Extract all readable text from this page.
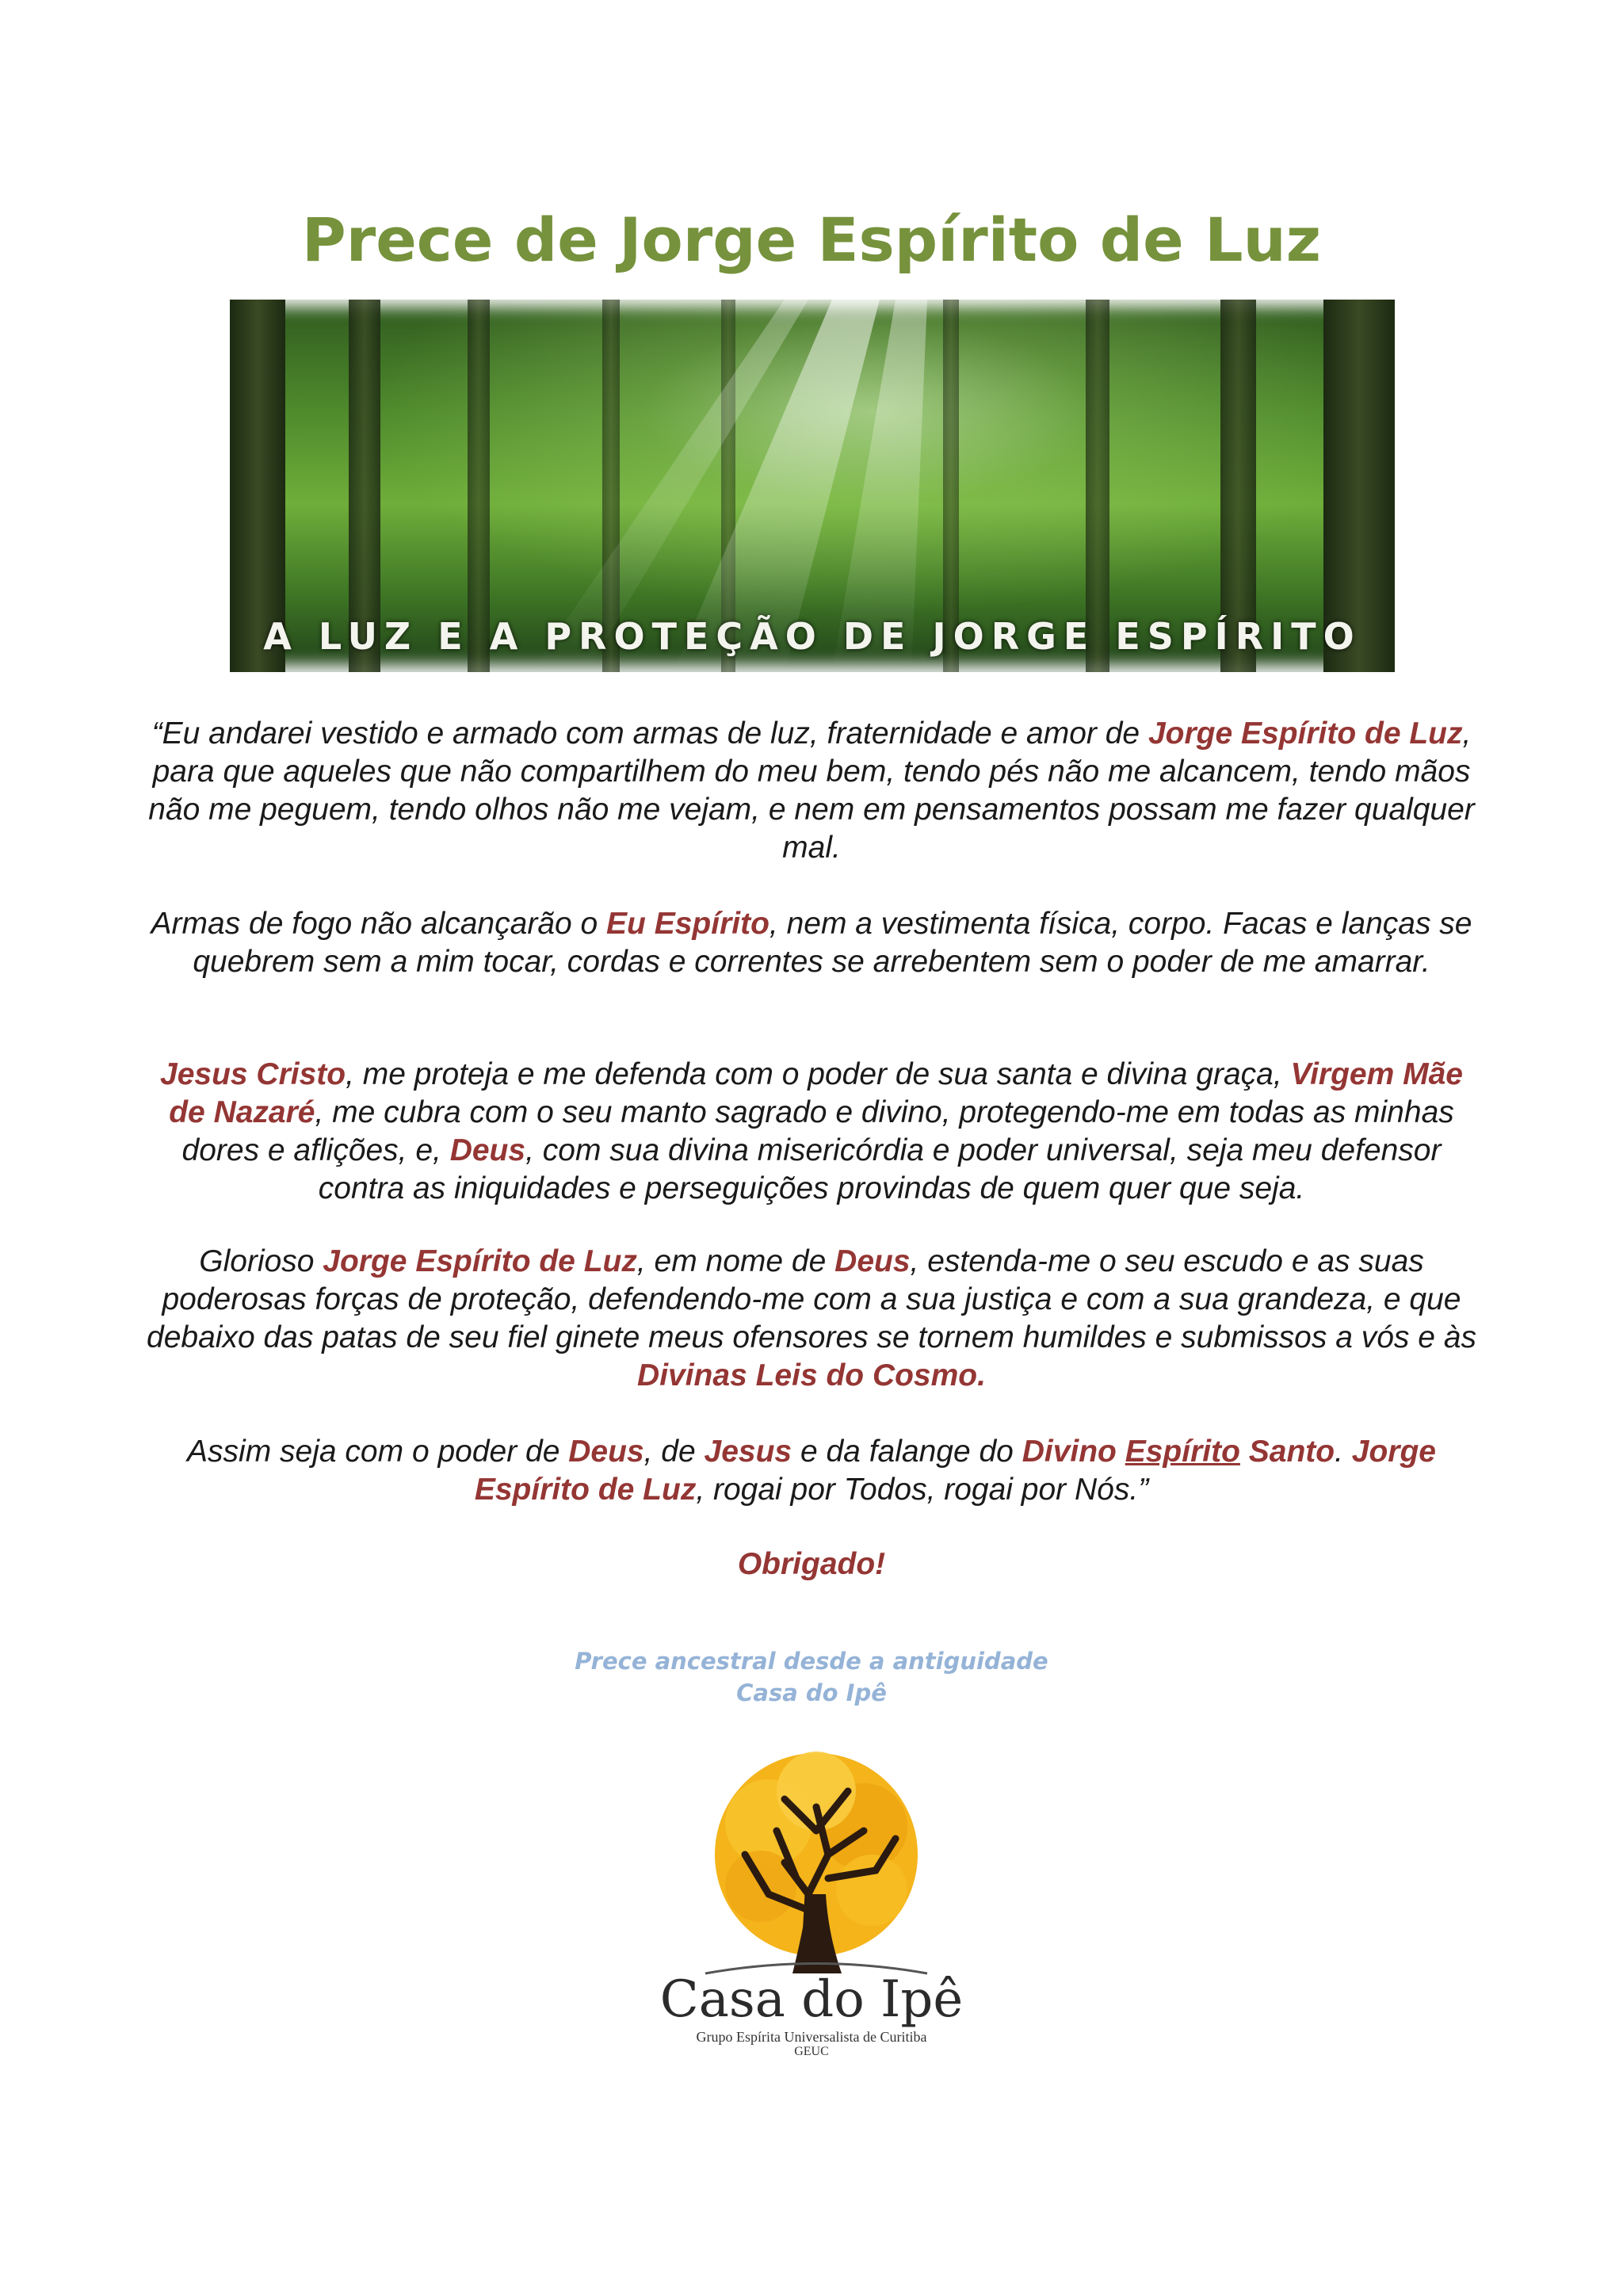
Prece de Jorge Espírito de Luz
A LUZ E A PROTEÇÃO DE JORGE ESPÍRITO
“Eu andarei vestido e armado com armas de luz, fraternidade e amor de Jorge Espírito de Luz, para que aqueles que não compartilhem do meu bem, tendo pés não me alcancem, tendo mãos não me peguem, tendo olhos não me vejam, e nem em pensamentos possam me fazer qualquer mal.
Armas de fogo não alcançarão o Eu Espírito, nem a vestimenta física, corpo. Facas e lanças se quebrem sem a mim tocar, cordas e correntes se arrebentem sem o poder de me amarrar.
Jesus Cristo, me proteja e me defenda com o poder de sua santa e divina graça, Virgem Mãe de Nazaré, me cubra com o seu manto sagrado e divino, protegendo-me em todas as minhas dores e aflições, e, Deus, com sua divina misericórdia e poder universal, seja meu defensor contra as iniquidades e perseguições provindas de quem quer que seja.
Glorioso Jorge Espírito de Luz, em nome de Deus, estenda-me o seu escudo e as suas poderosas forças de proteção, defendendo-me com a sua justiça e com a sua grandeza, e que debaixo das patas de seu fiel ginete meus ofensores se tornem humildes e submissos a vós e às Divinas Leis do Cosmo.
Assim seja com o poder de Deus, de Jesus e da falange do Divino Espírito Santo. Jorge Espírito de Luz, rogai por Todos, rogai por Nós.”
Obrigado!
Prece ancestral desde a antiguidade
Casa do Ipê
Casa do Ipê
Grupo Espírita Universalista de Curitiba
GEUC
